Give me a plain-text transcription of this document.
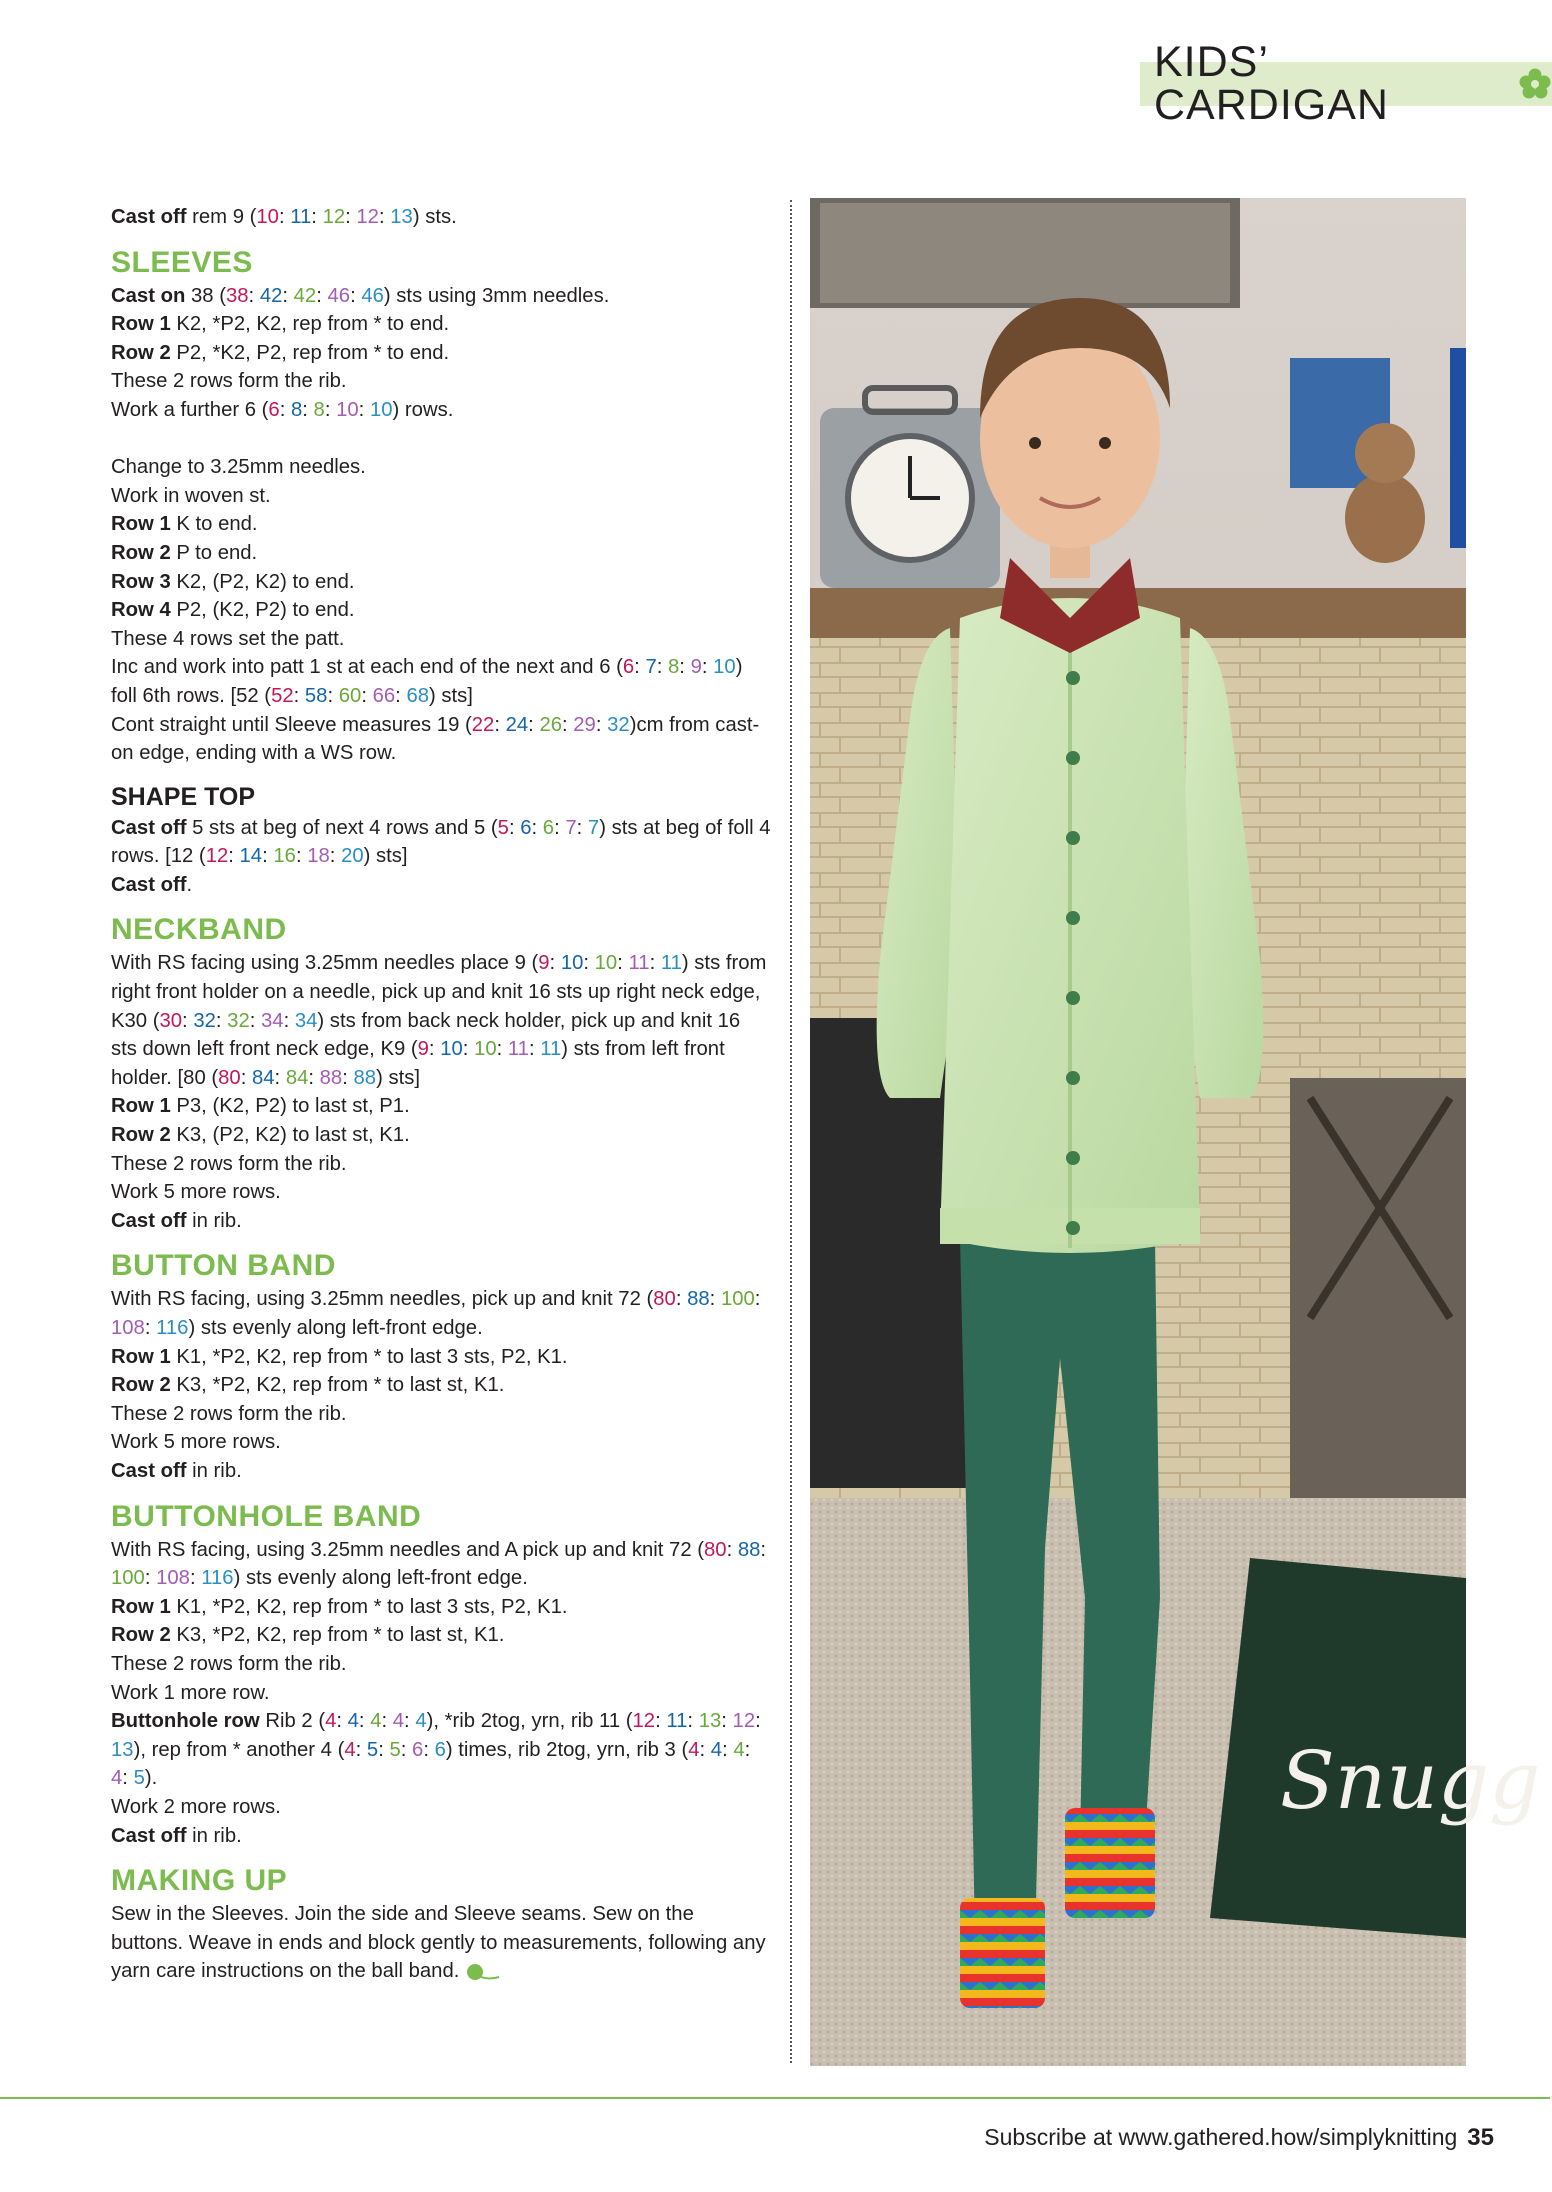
KIDS’ CARDIGAN

Cast off rem 9 (10: 11: 12: 12: 13) sts.

SLEEVES

Cast on 38 (38: 42: 42: 46: 46) sts using 3mm needles.

Row 1 K2, *P2, K2, rep from * to end.

Row 2 P2, *K2, P2, rep from * to end.

These 2 rows form the rib.

Work a further 6 (6: 8: 8: 10: 10) rows.

Change to 3.25mm needles.

Work in woven st.

Row 1 K to end.

Row 2 P to end.

Row 3 K2, (P2, K2) to end.

Row 4 P2, (K2, P2) to end.

These 4 rows set the patt.

Inc and work into patt 1 st at each end of the next and 6 (6: 7: 8: 9: 10) foll 6th rows. [52 (52: 58: 60: 66: 68) sts]

Cont straight until Sleeve measures 19 (22: 24: 26: 29: 32)cm from cast-on edge, ending with a WS row.

SHAPE TOP

Cast off 5 sts at beg of next 4 rows and 5 (5: 6: 6: 7: 7) sts at beg of foll 4 rows. [12 (12: 14: 16: 18: 20) sts]

Cast off.

NECKBAND

With RS facing using 3.25mm needles place 9 (9: 10: 10: 11: 11) sts from right front holder on a needle, pick up and knit 16 sts up right neck edge, K30 (30: 32: 32: 34: 34) sts from back neck holder, pick up and knit 16 sts down left front neck edge, K9 (9: 10: 10: 11: 11) sts from left front holder. [80 (80: 84: 84: 88: 88) sts]

Row 1 P3, (K2, P2) to last st, P1.

Row 2 K3, (P2, K2) to last st, K1.

These 2 rows form the rib.

Work 5 more rows.

Cast off in rib.

BUTTON BAND

With RS facing, using 3.25mm needles, pick up and knit 72 (80: 88: 100: 108: 116) sts evenly along left-front edge.

Row 1 K1, *P2, K2, rep from * to last 3 sts, P2, K1.

Row 2 K3, *P2, K2, rep from * to last st, K1.

These 2 rows form the rib.

Work 5 more rows.

Cast off in rib.

BUTTONHOLE BAND

With RS facing, using 3.25mm needles and A pick up and knit 72 (80: 88: 100: 108: 116) sts evenly along left-front edge.

Row 1 K1, *P2, K2, rep from * to last 3 sts, P2, K1.

Row 2 K3, *P2, K2, rep from * to last st, K1.

These 2 rows form the rib.

Work 1 more row.

Buttonhole row Rib 2 (4: 4: 4: 4: 4), *rib 2tog, yrn, rib 11 (12: 11: 13: 12: 13), rep from * another 4 (4: 5: 5: 6: 6) times, rib 2tog, yrn, rib 3 (4: 4: 4: 4: 5).

Work 2 more rows.

Cast off in rib.

MAKING UP

Sew in the Sleeves. Join the side and Sleeve seams. Sew on the buttons. Weave in ends and block gently to measurements, following any yarn care instructions on the ball band.

Snugg
Subscribe at www.gathered.how/simplyknitting 35
